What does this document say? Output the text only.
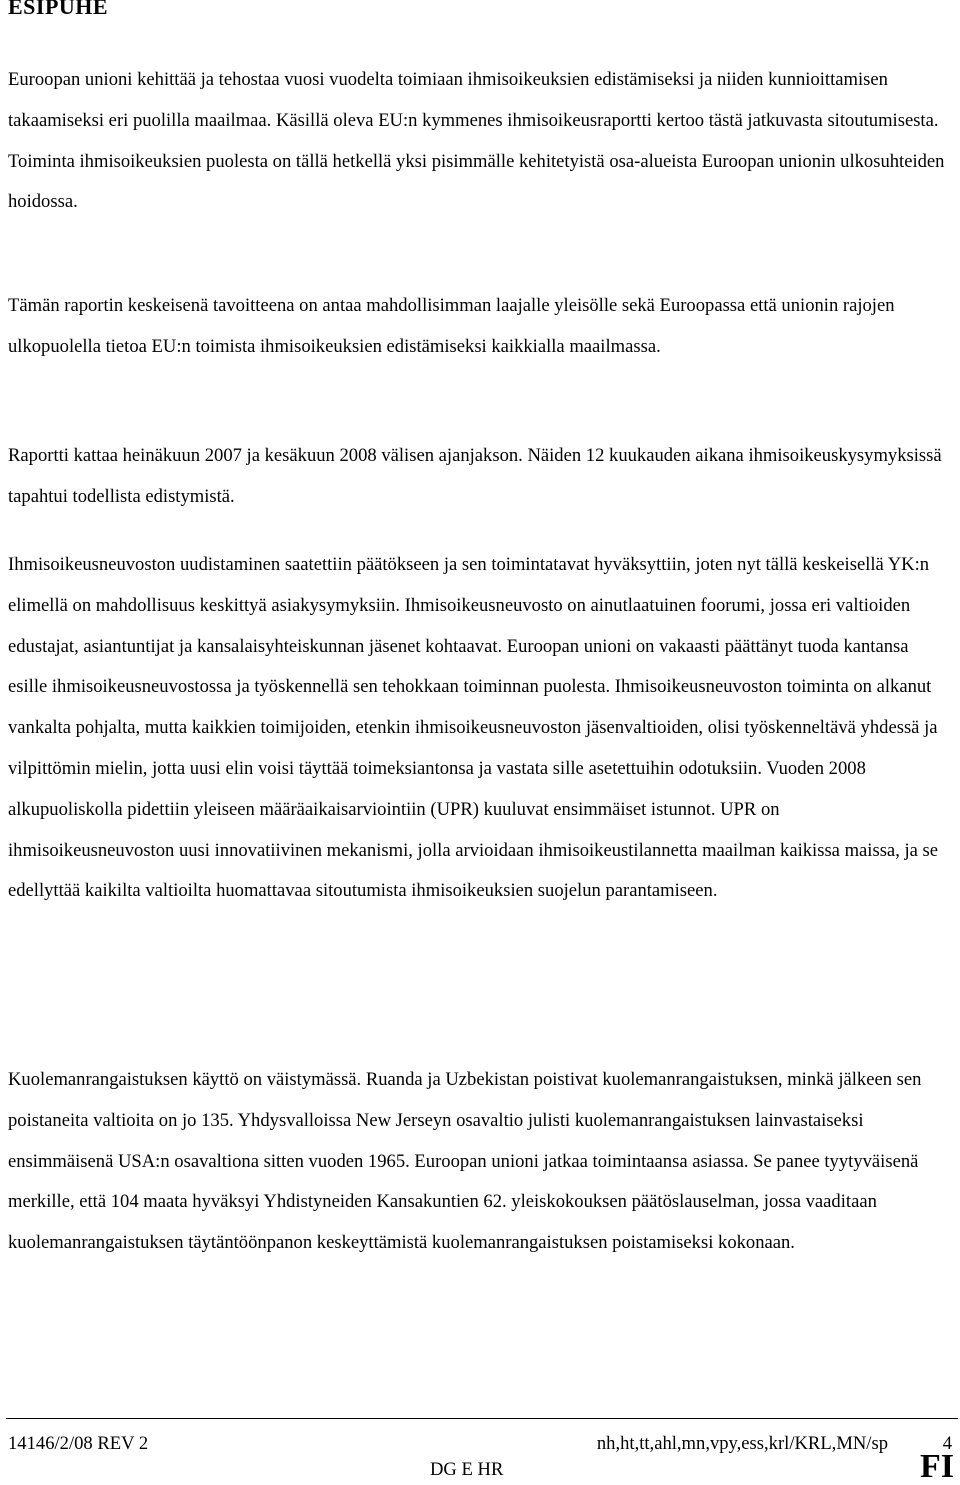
ESIPUHE

Euroopan unioni kehittää ja tehostaa vuosi vuodelta toimiaan ihmisoikeuksien edistämiseksi ja niiden kunnioittamisen takaamiseksi eri puolilla maailmaa. Käsillä oleva EU:n kymmenes ihmisoikeusraportti kertoo tästä jatkuvasta sitoutumisesta. Toiminta ihmisoikeuksien puolesta on tällä hetkellä yksi pisimmälle kehitetyistä osa-alueista Euroopan unionin ulkosuhteiden hoidossa.

Tämän raportin keskeisenä tavoitteena on antaa mahdollisimman laajalle yleisölle sekä Euroopassa että unionin rajojen ulkopuolella tietoa EU:n toimista ihmisoikeuksien edistämiseksi kaikkialla maailmassa.

Raportti kattaa heinäkuun 2007 ja kesäkuun 2008 välisen ajanjakson. Näiden 12 kuukauden aikana ihmisoikeuskysymyksissä tapahtui todellista edistymistä.

Ihmisoikeusneuvoston uudistaminen saatettiin päätökseen ja sen toimintatavat hyväksyttiin, joten nyt tällä keskeisellä YK:n elimellä on mahdollisuus keskittyä asiakysymyksiin. Ihmisoikeusneuvosto on ainutlaatuinen foorumi, jossa eri valtioiden edustajat, asiantuntijat ja kansalaisyhteiskunnan jäsenet kohtaavat. Euroopan unioni on vakaasti päättänyt tuoda kantansa esille ihmisoikeusneuvostossa ja työskennellä sen tehokkaan toiminnan puolesta. Ihmisoikeusneuvoston toiminta on alkanut vankalta pohjalta, mutta kaikkien toimijoiden, etenkin ihmisoikeusneuvoston jäsenvaltioiden, olisi työskenneltävä yhdessä ja vilpittömin mielin, jotta uusi elin voisi täyttää toimeksiantonsa ja vastata sille asetettuihin odotuksiin. Vuoden 2008 alkupuoliskolla pidettiin yleiseen määräaikaisarviointiin (UPR) kuuluvat ensimmäiset istunnot. UPR on ihmisoikeusneuvoston uusi innovatiivinen mekanismi, jolla arvioidaan ihmisoikeustilannetta maailman kaikissa maissa, ja se edellyttää kaikilta valtioilta huomattavaa sitoutumista ihmisoikeuksien suojelun parantamiseen.

Kuolemanrangaistuksen käyttö on väistymässä. Ruanda ja Uzbekistan poistivat kuolemanrangaistuksen, minkä jälkeen sen poistaneita valtioita on jo 135. Yhdysvalloissa New Jerseyn osavaltio julisti kuolemanrangaistuksen lainvastaiseksi ensimmäisenä USA:n osavaltiona sitten vuoden 1965. Euroopan unioni jatkaa toimintaansa asiassa. Se panee tyytyväisenä merkille, että 104 maata hyväksyi Yhdistyneiden Kansakuntien 62. yleiskokouksen päätöslauselman, jossa vaaditaan kuolemanrangaistuksen täytäntöönpanon keskeyttämistä kuolemanrangaistuksen poistamiseksi kokonaan.

14146/2/08 REV 2	nh,ht,tt,ahl,mn,vpy,ess,krl/KRL,MN/sp	4
DG E HR	FI
